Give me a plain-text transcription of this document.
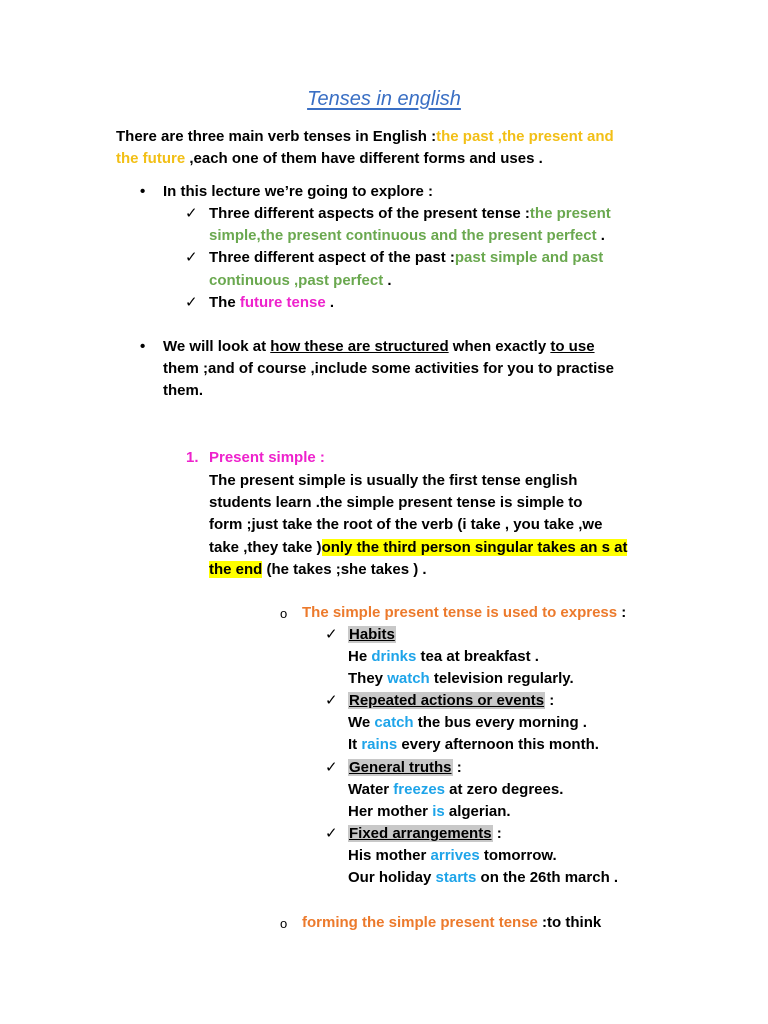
Tenses in english
There are three main verb tenses in English :the past ,the present and
the future ,each one of them have different forms and uses .
• In this lecture we’re going to explore :
✓ Three different aspects of the present tense :the present
simple,the present continuous and the present perfect .
✓ Three different aspect of the past :past simple and past
continuous ,past perfect .
✓ The future tense .
• We will look at how these are structured when exactly to use
them ;and of course ,include some activities for you to practise
them.
1. Present simple :
The present simple is usually the first tense english
students learn .the simple present tense is simple to
form ;just take the root of the verb (i take , you take ,we
take ,they take )only the third person singular takes an s at
the end (he takes ;she takes ) .
o The simple present tense is used to express :
✓ Habits
He drinks tea at breakfast .
They watch television regularly.
✓ Repeated actions or events :
We catch the bus every morning .
It rains every afternoon this month.
✓ General truths :
Water freezes at zero degrees.
Her mother is algerian.
✓ Fixed arrangements :
His mother arrives tomorrow.
Our holiday starts on the 26th march .
o forming the simple present tense :to think
